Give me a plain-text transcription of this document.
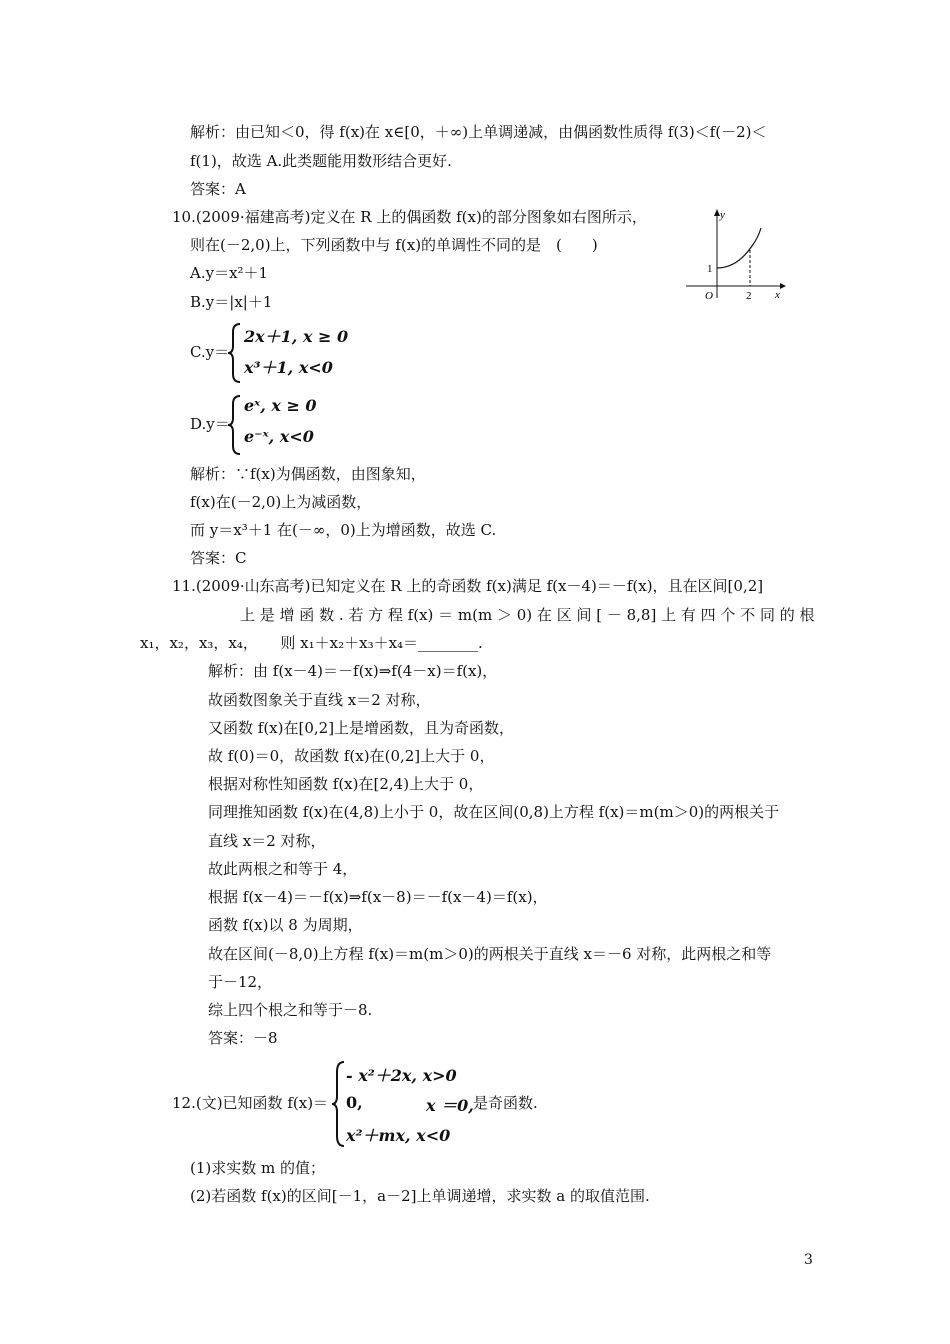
解析：由已知＜0，得 f(x)在 x∈[0，＋∞)上单调递减，由偶函数性质得 f(3)＜f(－2)＜
f(1)，故选 A.此类题能用数形结合更好.
答案：A
10.(2009·福建高考)定义在 R 上的偶函数 f(x)的部分图象如右图所示，
则在(－2,0)上，下列函数中与 f(x)的单调性不同的是　(　　)
A.y＝x²＋1
B.y＝|x|＋1
C.y＝
2x＋1, x ≥ 0
x³＋1, x<0
D.y＝
eˣ, x ≥ 0
e⁻ˣ, x<0
y
x
O
1
2
解析：∵f(x)为偶函数，由图象知，
f(x)在(－2,0)上为减函数，
而 y＝x³＋1 在(－∞，0)上为增函数，故选 C.
答案：C
11.(2009·山东高考)已知定义在 R 上的奇函数 f(x)满足 f(x－4)＝－f(x)，且在区间[0,2]
上 是 增 函 数 . 若 方 程 f(x) ＝ m(m ＞ 0) 在 区 间 [ － 8,8] 上 有 四 个 不 同 的 根
x₁，x₂，x₃，x₄，　　则 x₁＋x₂＋x₃＋x₄＝________.
解析：由 f(x－4)＝－f(x)⇒f(4－x)＝f(x)，
故函数图象关于直线 x＝2 对称，
又函数 f(x)在[0,2]上是增函数，且为奇函数，
故 f(0)＝0，故函数 f(x)在(0,2]上大于 0，
根据对称性知函数 f(x)在[2,4)上大于 0，
同理推知函数 f(x)在(4,8)上小于 0，故在区间(0,8)上方程 f(x)＝m(m＞0)的两根关于
直线 x＝2 对称，
故此两根之和等于 4，
根据 f(x－4)＝－f(x)⇒f(x－8)＝－f(x－4)＝f(x)，
函数 f(x)以 8 为周期，
故在区间(－8,0)上方程 f(x)＝m(m＞0)的两根关于直线 x＝－6 对称，此两根之和等
于－12，
综上四个根之和等于－8.
答案：－8
12.(文)已知函数 f(x)＝
- x²＋2x, x>0
0,	x ＝0, 是奇函数.
x²＋mx, x<0
(1)求实数 m 的值；
(2)若函数 f(x)的区间[－1，a－2]上单调递增，求实数 a 的取值范围.
3
